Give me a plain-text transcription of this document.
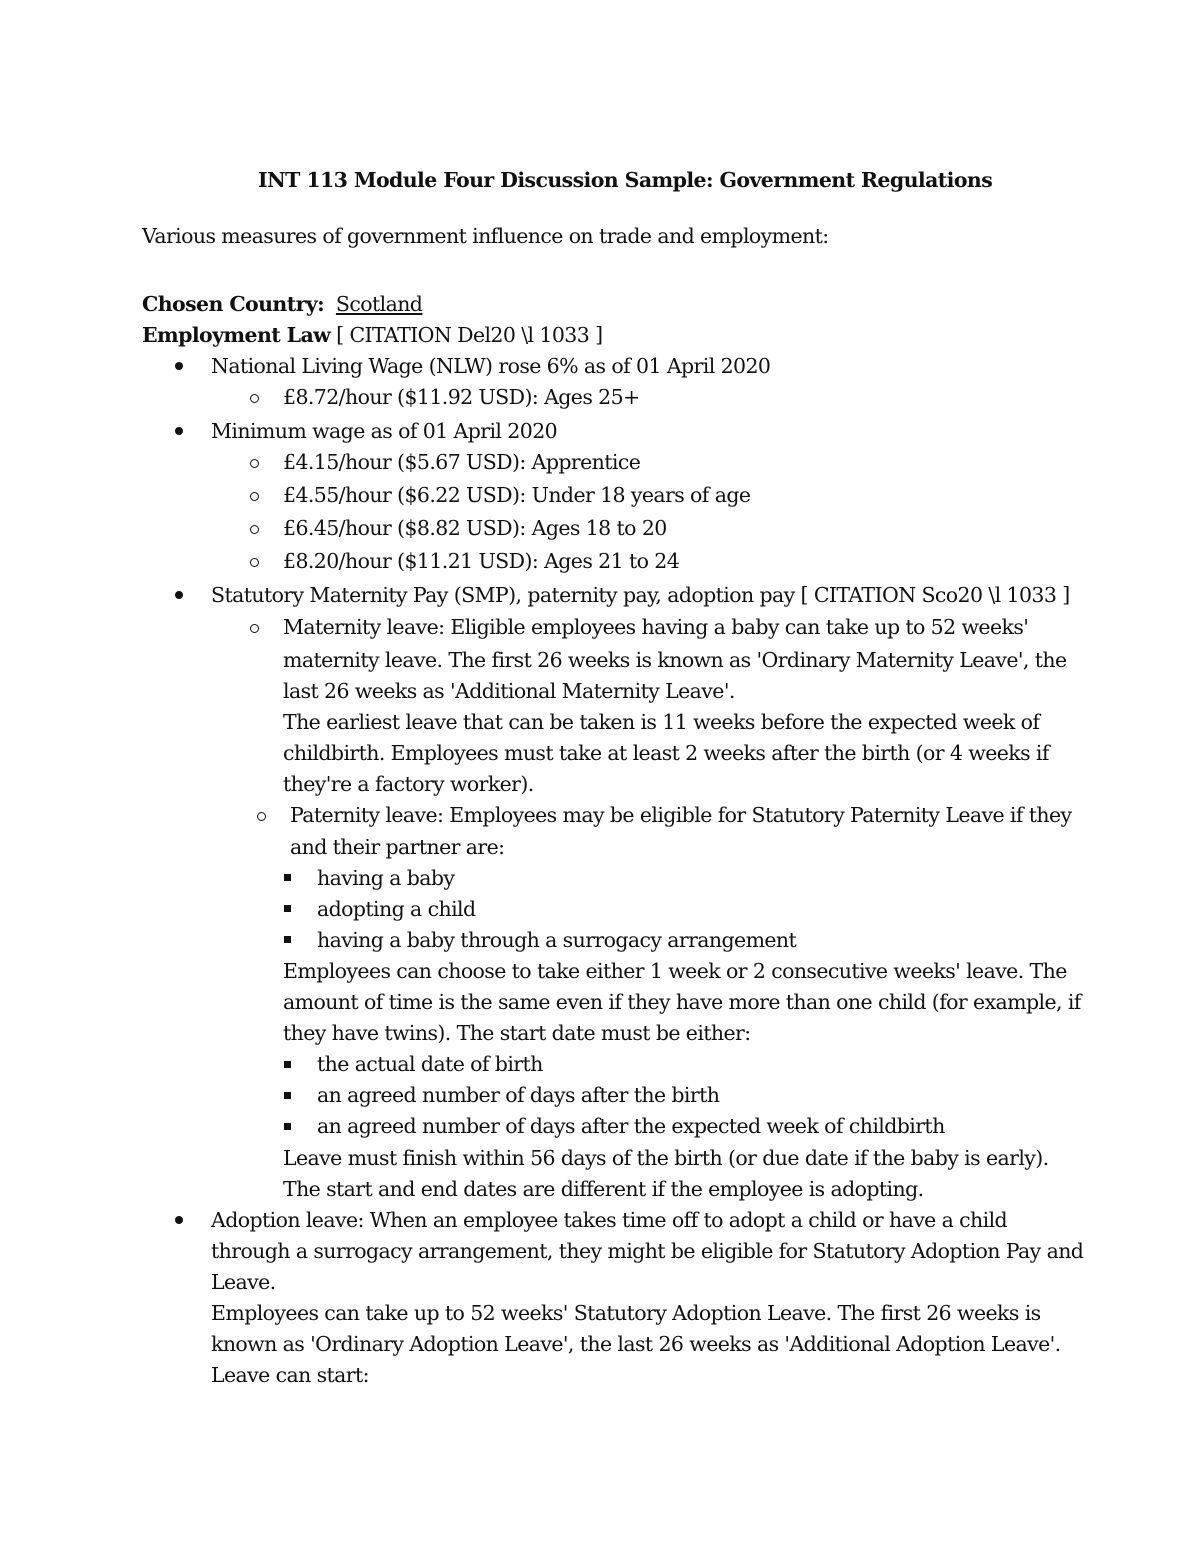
INT 113 Module Four Discussion Sample: Government Regulations
Various measures of government influence on trade and employment:
Chosen Country: Scotland
Employment Law [ CITATION Del20 \l 1033 ]
National Living Wage (NLW) rose 6% as of 01 April 2020
£8.72/hour ($11.92 USD): Ages 25+
Minimum wage as of 01 April 2020
£4.15/hour ($5.67 USD): Apprentice
£4.55/hour ($6.22 USD): Under 18 years of age
£6.45/hour ($8.82 USD): Ages 18 to 20
£8.20/hour ($11.21 USD): Ages 21 to 24
Statutory Maternity Pay (SMP), paternity pay, adoption pay [ CITATION Sco20 \l 1033 ]
Maternity leave: Eligible employees having a baby can take up to 52 weeks'
maternity leave. The first 26 weeks is known as 'Ordinary Maternity Leave', the
last 26 weeks as 'Additional Maternity Leave'.
The earliest leave that can be taken is 11 weeks before the expected week of
childbirth. Employees must take at least 2 weeks after the birth (or 4 weeks if
they're a factory worker).
Paternity leave: Employees may be eligible for Statutory Paternity Leave if they
and their partner are:
having a baby
adopting a child
having a baby through a surrogacy arrangement
Employees can choose to take either 1 week or 2 consecutive weeks' leave. The
amount of time is the same even if they have more than one child (for example, if
they have twins). The start date must be either:
the actual date of birth
an agreed number of days after the birth
an agreed number of days after the expected week of childbirth
Leave must finish within 56 days of the birth (or due date if the baby is early).
The start and end dates are different if the employee is adopting.
Adoption leave: When an employee takes time off to adopt a child or have a child
through a surrogacy arrangement, they might be eligible for Statutory Adoption Pay and
Leave.
Employees can take up to 52 weeks' Statutory Adoption Leave. The first 26 weeks is
known as 'Ordinary Adoption Leave', the last 26 weeks as 'Additional Adoption Leave'.
Leave can start:
